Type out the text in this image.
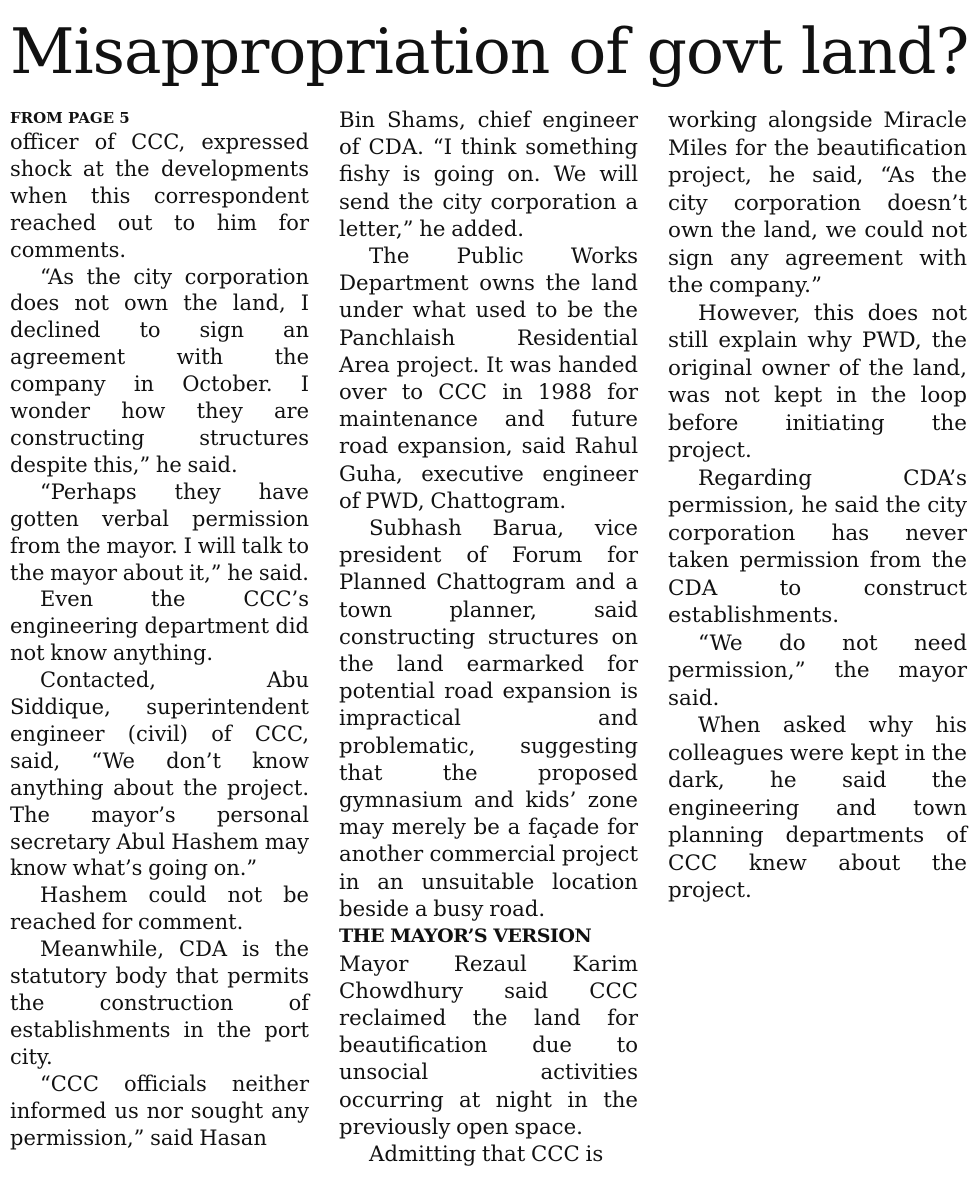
Misappropriation of govt land?
FROM PAGE 5

officer of CCC, expressed shock at the developments when this correspondent reached out to him for comments.

“As the city corporation does not own the land, I declined to sign an agreement with the company in October. I wonder how they are constructing structures despite this,” he said.

“Perhaps they have gotten verbal permission from the mayor. I will talk to the mayor about it,” he said.

Even the CCC’s engineering department did not know anything.

Contacted, Abu Siddique, superintendent engineer (civil) of CCC, said, “We don’t know anything about the project. The mayor’s personal secretary Abul Hashem may know what’s going on.”

Hashem could not be reached for comment.

Meanwhile, CDA is the statutory body that permits the construction of establishments in the port city.

“CCC officials neither informed us nor sought any permission,” said Hasan

Bin Shams, chief engineer of CDA. “I think something fishy is going on. We will send the city corporation a letter,” he added.

The Public Works Department owns the land under what used to be the Panchlaish Residential Area project. It was handed over to CCC in 1988 for maintenance and future road expansion, said Rahul Guha, executive engineer of PWD, Chattogram.

Subhash Barua, vice president of Forum for Planned Chattogram and a town planner, said constructing structures on the land earmarked for potential road expansion is impractical and problematic, suggesting that the proposed gymnasium and kids’ zone may merely be a façade for another commercial project in an unsuitable location beside a busy road.

THE MAYOR’S VERSION

Mayor Rezaul Karim Chowdhury said CCC reclaimed the land for beautification due to unsocial activities occurring at night in the previously open space.

Admitting that CCC is

working alongside Miracle Miles for the beautification project, he said, “As the city corporation doesn’t own the land, we could not sign any agreement with the company.”

However, this does not still explain why PWD, the original owner of the land, was not kept in the loop before initiating the project.

Regarding CDA’s permission, he said the city corporation has never taken permission from the CDA to construct establishments.

“We do not need permission,” the mayor said.

When asked why his colleagues were kept in the dark, he said the engineering and town planning departments of CCC knew about the project.
